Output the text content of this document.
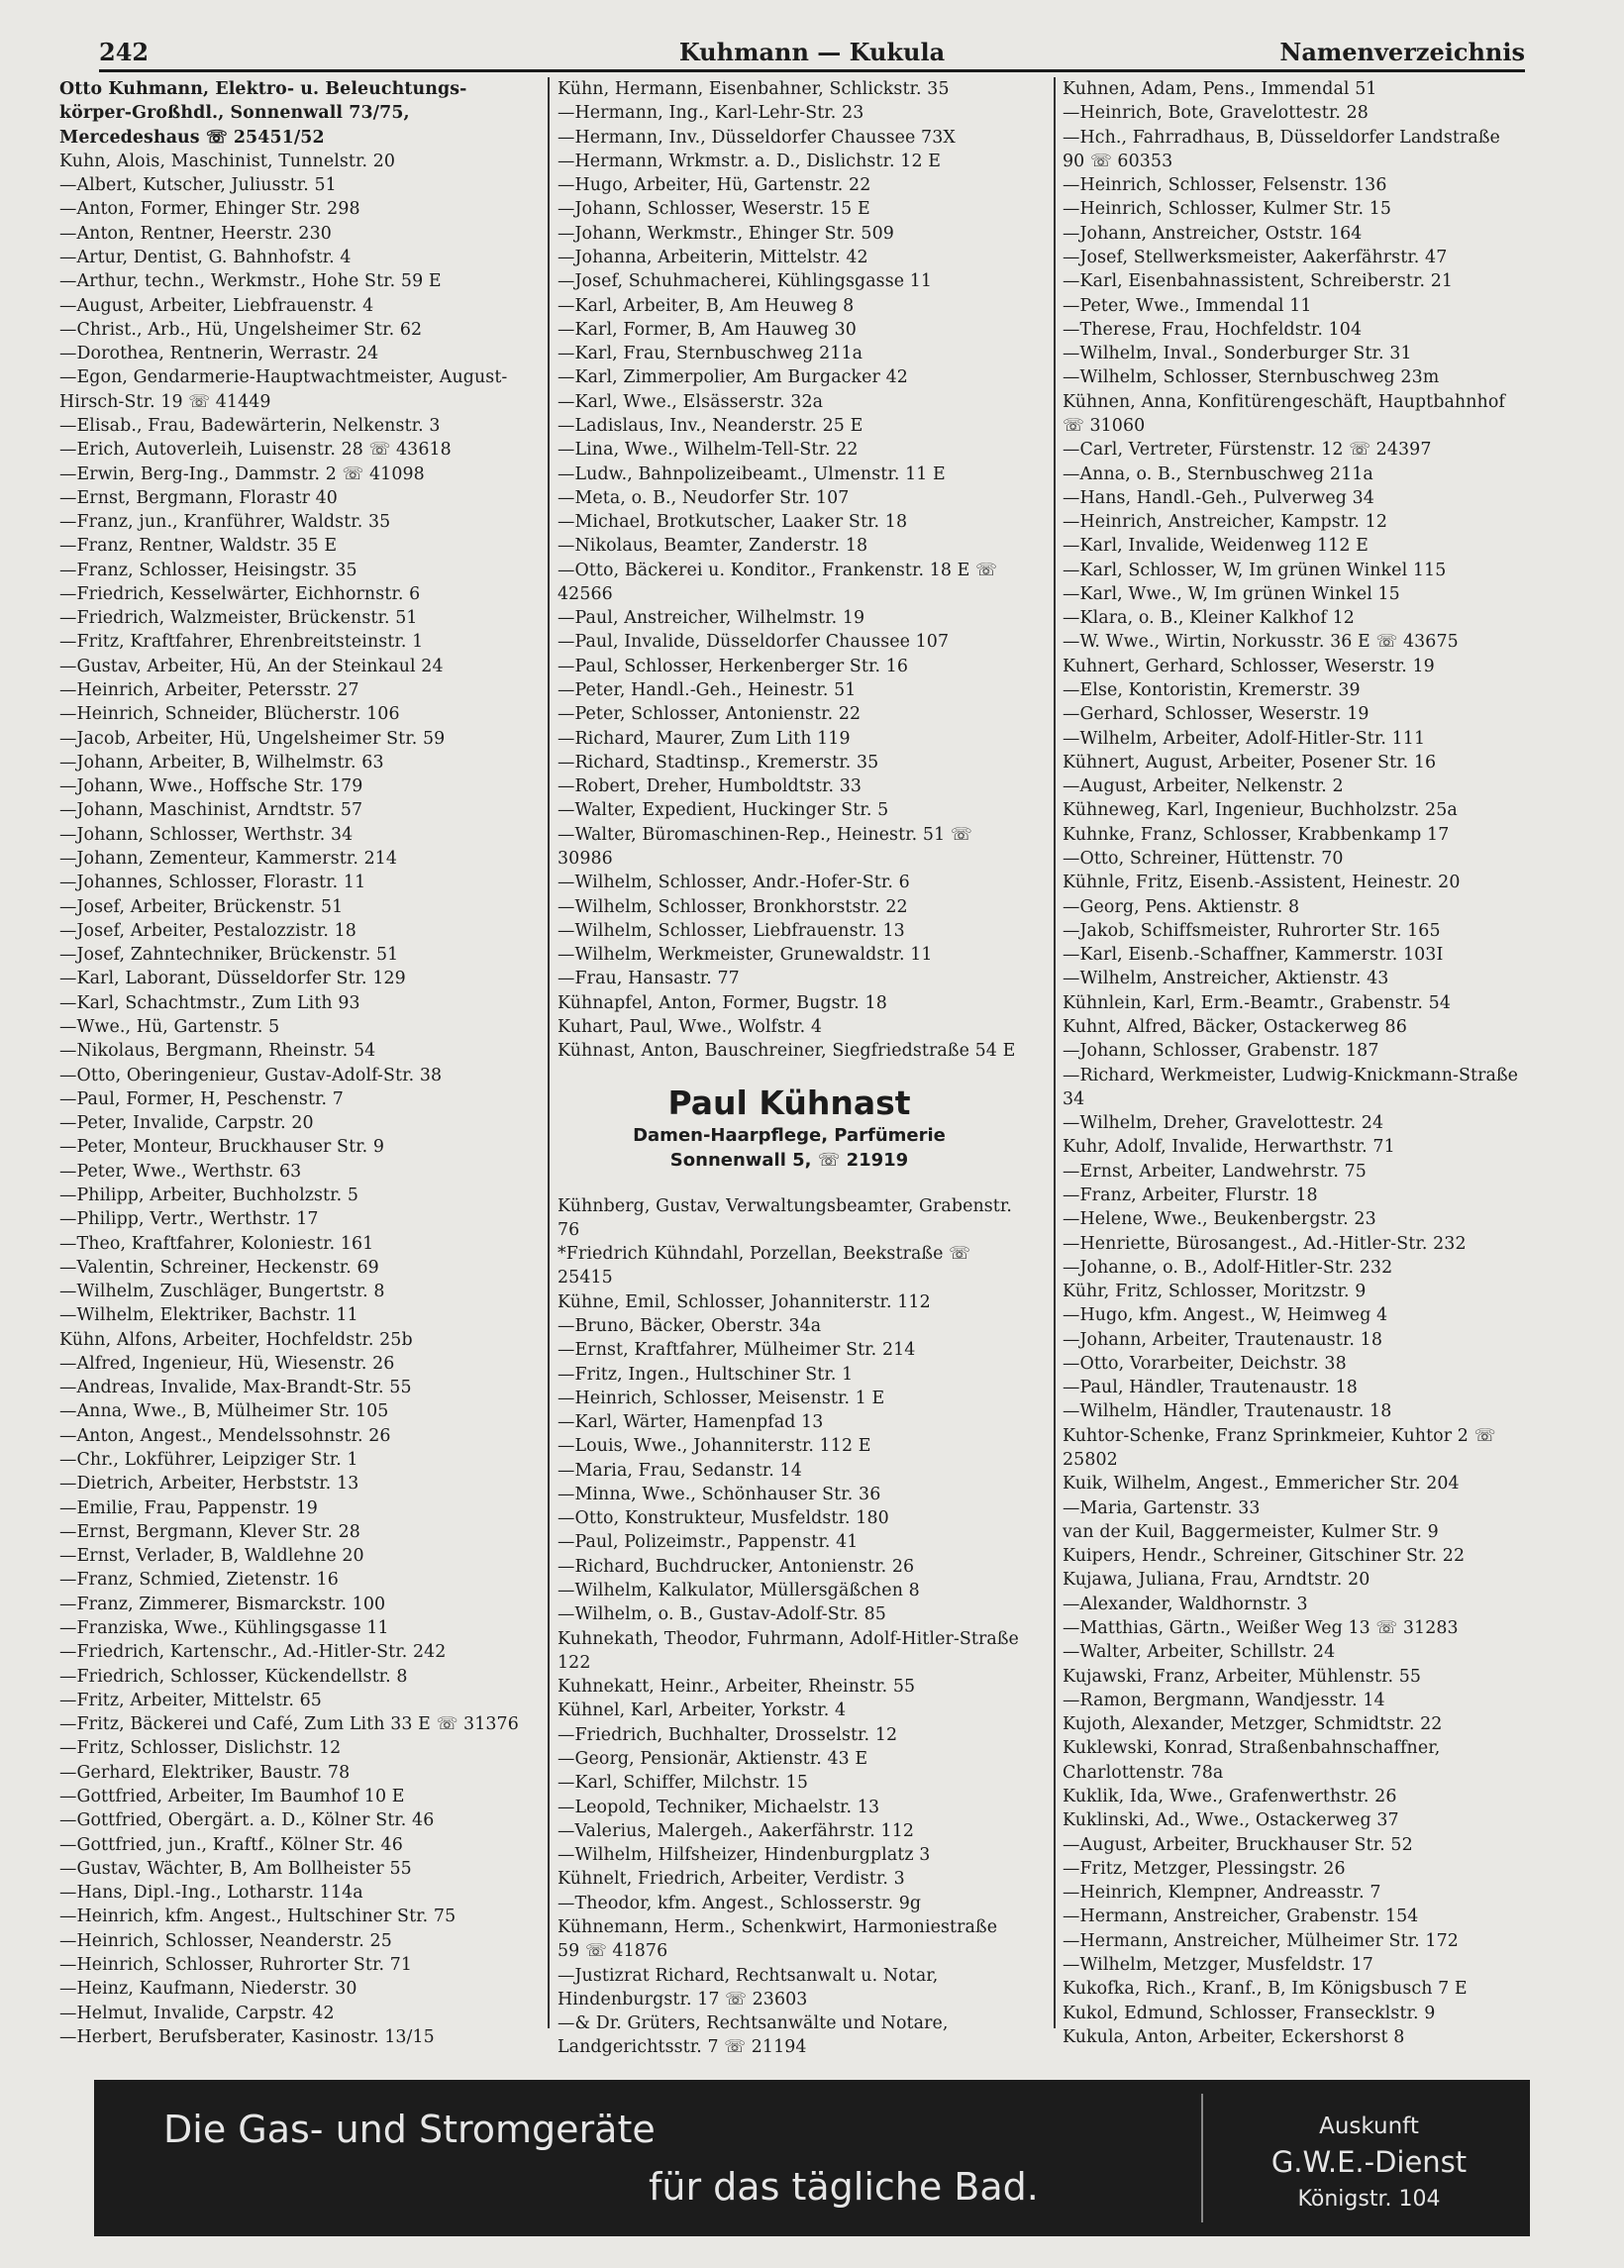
242	Kuhmann — Kukula	Namenverzeichnis
Otto Kuhmann, Elektro- u. Beleuchtungs-körper-Großhdl., Sonnenwall 73/75, Mercedeshaus ☏ 25451/52
Kuhn, Alois, Maschinist, Tunnelstr. 20
—Albert, Kutscher, Juliusstr. 51
—Anton, Former, Ehinger Str. 298
—Anton, Rentner, Heerstr. 230
—Artur, Dentist, G. Bahnhofstr. 4
—Arthur, techn., Werkmstr., Hohe Str. 59 E
—August, Arbeiter, Liebfrauenstr. 4
—Christ., Arb., Hü, Ungelsheimer Str. 62
—Dorothea, Rentnerin, Werrastr. 24
—Egon, Gendarmerie-Hauptwachtmeister, August-Hirsch-Str. 19 ☏ 41449
—Elisab., Frau, Badewärterin, Nelkenstr. 3
—Erich, Autoverleih, Luisenstr. 28 ☏ 43618
—Erwin, Berg-Ing., Dammstr. 2 ☏ 41098
—Ernst, Bergmann, Florastr 40
—Franz, jun., Kranführer, Waldstr. 35
—Franz, Rentner, Waldstr. 35 E
—Franz, Schlosser, Heisingstr. 35
—Friedrich, Kesselwärter, Eichhornstr. 6
—Friedrich, Walzmeister, Brückenstr. 51
—Fritz, Kraftfahrer, Ehrenbreitsteinstr. 1
—Gustav, Arbeiter, Hü, An der Steinkaul 24
—Heinrich, Arbeiter, Petersstr. 27
—Heinrich, Schneider, Blücherstr. 106
—Jacob, Arbeiter, Hü, Ungelsheimer Str. 59
—Johann, Arbeiter, B, Wilhelmstr. 63
—Johann, Wwe., Hoffsche Str. 179
—Johann, Maschinist, Arndtstr. 57
—Johann, Schlosser, Werthstr. 34
—Johann, Zementeur, Kammerstr. 214
—Johannes, Schlosser, Florastr. 11
—Josef, Arbeiter, Brückenstr. 51
—Josef, Arbeiter, Pestalozzistr. 18
—Josef, Zahntechniker, Brückenstr. 51
—Karl, Laborant, Düsseldorfer Str. 129
—Karl, Schachtmstr., Zum Lith 93
—Wwe., Hü, Gartenstr. 5
—Nikolaus, Bergmann, Rheinstr. 54
—Otto, Oberingenieur, Gustav-Adolf-Str. 38
—Paul, Former, H, Peschenstr. 7
—Peter, Invalide, Carpstr. 20
—Peter, Monteur, Bruckhauser Str. 9
—Peter, Wwe., Werthstr. 63
—Philipp, Arbeiter, Buchholzstr. 5
—Philipp, Vertr., Werthstr. 17
—Theo, Kraftfahrer, Koloniestr. 161
—Valentin, Schreiner, Heckenstr. 69
—Wilhelm, Zuschläger, Bungertstr. 8
—Wilhelm, Elektriker, Bachstr. 11
Kühn, Alfons, Arbeiter, Hochfeldstr. 25b
—Alfred, Ingenieur, Hü, Wiesenstr. 26
—Andreas, Invalide, Max-Brandt-Str. 55
—Anna, Wwe., B, Mülheimer Str. 105
—Anton, Angest., Mendelssohnstr. 26
—Chr., Lokführer, Leipziger Str. 1
—Dietrich, Arbeiter, Herbststr. 13
—Emilie, Frau, Pappenstr. 19
—Ernst, Bergmann, Klever Str. 28
—Ernst, Verlader, B, Waldlehne 20
—Franz, Schmied, Zietenstr. 16
—Franz, Zimmerer, Bismarckstr. 100
—Franziska, Wwe., Kühlingsgasse 11
—Friedrich, Kartenschr., Ad.-Hitler-Str. 242
—Friedrich, Schlosser, Kückendellstr. 8
—Fritz, Arbeiter, Mittelstr. 65
—Fritz, Bäckerei und Café, Zum Lith 33 E ☏ 31376
—Fritz, Schlosser, Dislichstr. 12
—Gerhard, Elektriker, Baustr. 78
—Gottfried, Arbeiter, Im Baumhof 10 E
—Gottfried, Obergärt. a. D., Kölner Str. 46
—Gottfried, jun., Kraftf., Kölner Str. 46
—Gustav, Wächter, B, Am Bollheister 55
—Hans, Dipl.-Ing., Lotharstr. 114a
—Heinrich, kfm. Angest., Hultschiner Str. 75
—Heinrich, Schlosser, Neanderstr. 25
—Heinrich, Schlosser, Ruhrorter Str. 71
—Heinz, Kaufmann, Niederstr. 30
—Helmut, Invalide, Carpstr. 42
—Herbert, Berufsberater, Kasinostr. 13/15
Kühn, Hermann, Eisenbahner, Schlickstr. 35
—Hermann, Ing., Karl-Lehr-Str. 23
—Hermann, Inv., Düsseldorfer Chaussee 73X
—Hermann, Wrkmstr. a. D., Dislichstr. 12 E
—Hugo, Arbeiter, Hü, Gartenstr. 22
—Johann, Schlosser, Weserstr. 15 E
—Johann, Werkmstr., Ehinger Str. 509
—Johanna, Arbeiterin, Mittelstr. 42
—Josef, Schuhmacherei, Kühlingsgasse 11
—Karl, Arbeiter, B, Am Heuweg 8
—Karl, Former, B, Am Hauweg 30
—Karl, Frau, Sternbuschweg 211a
—Karl, Zimmerpolier, Am Burgacker 42
—Karl, Wwe., Elsässerstr. 32a
—Ladislaus, Inv., Neanderstr. 25 E
—Lina, Wwe., Wilhelm-Tell-Str. 22
—Ludw., Bahnpolizeibeamt., Ulmenstr. 11 E
—Meta, o. B., Neudorfer Str. 107
—Michael, Brotkutscher, Laaker Str. 18
—Nikolaus, Beamter, Zanderstr. 18
—Otto, Bäckerei u. Konditor., Frankenstr. 18 E ☏ 42566
—Paul, Anstreicher, Wilhelmstr. 19
—Paul, Invalide, Düsseldorfer Chaussee 107
—Paul, Schlosser, Herkenberger Str. 16
—Peter, Handl.-Geh., Heinestr. 51
—Peter, Schlosser, Antonienstr. 22
—Richard, Maurer, Zum Lith 119
—Richard, Stadtinsp., Kremerstr. 35
—Robert, Dreher, Humboldtstr. 33
—Walter, Expedient, Huckinger Str. 5
—Walter, Büromaschinen-Rep., Heinestr. 51 ☏ 30986
—Wilhelm, Schlosser, Andr.-Hofer-Str. 6
—Wilhelm, Schlosser, Bronkhorststr. 22
—Wilhelm, Schlosser, Liebfrauenstr. 13
—Wilhelm, Werkmeister, Grunewaldstr. 11
—Frau, Hansastr. 77
Kühnapfel, Anton, Former, Bugstr. 18
Kuhart, Paul, Wwe., Wolfstr. 4
Kühnast, Anton, Bauschreiner, Siegfriedstraße 54 E
Paul Kühnast
Damen-Haarpflege, Parfümerie
Sonnenwall 5, ☏ 21919
Kühnberg, Gustav, Verwaltungsbeamter, Grabenstr. 76
*Friedrich Kühndahl, Porzellan, Beekstraße ☏ 25415
Kühne, Emil, Schlosser, Johanniterstr. 112
—Bruno, Bäcker, Oberstr. 34a
—Ernst, Kraftfahrer, Mülheimer Str. 214
—Fritz, Ingen., Hultschiner Str. 1
—Heinrich, Schlosser, Meisenstr. 1 E
—Karl, Wärter, Hamenpfad 13
—Louis, Wwe., Johanniterstr. 112 E
—Maria, Frau, Sedanstr. 14
—Minna, Wwe., Schönhauser Str. 36
—Otto, Konstrukteur, Musfeldstr. 180
—Paul, Polizeimstr., Pappenstr. 41
—Richard, Buchdrucker, Antonienstr. 26
—Wilhelm, Kalkulator, Müllersgäßchen 8
—Wilhelm, o. B., Gustav-Adolf-Str. 85
Kuhnekath, Theodor, Fuhrmann, Adolf-Hitler-Straße 122
Kuhnekatt, Heinr., Arbeiter, Rheinstr. 55
Kühnel, Karl, Arbeiter, Yorkstr. 4
—Friedrich, Buchhalter, Drosselstr. 12
—Georg, Pensionär, Aktienstr. 43 E
—Karl, Schiffer, Milchstr. 15
—Leopold, Techniker, Michaelstr. 13
—Valerius, Malergeh., Aakerfährstr. 112
—Wilhelm, Hilfsheizer, Hindenburgplatz 3
Kühnelt, Friedrich, Arbeiter, Verdistr. 3
—Theodor, kfm. Angest., Schlosserstr. 9g
Kühnemann, Herm., Schenkwirt, Harmoniestraße 59 ☏ 41876
—Justizrat Richard, Rechtsanwalt u. Notar, Hindenburgstr. 17 ☏ 23603
—& Dr. Grüters, Rechtsanwälte und Notare, Landgerichtsstr. 7 ☏ 21194
Kuhnen, Adam, Pens., Immendal 51
—Heinrich, Bote, Gravelottestr. 28
—Hch., Fahrradhaus, B, Düsseldorfer Landstraße 90 ☏ 60353
—Heinrich, Schlosser, Felsenstr. 136
—Heinrich, Schlosser, Kulmer Str. 15
—Johann, Anstreicher, Oststr. 164
—Josef, Stellwerksmeister, Aakerfährstr. 47
—Karl, Eisenbahnassistent, Schreiberstr. 21
—Peter, Wwe., Immendal 11
—Therese, Frau, Hochfeldstr. 104
—Wilhelm, Inval., Sonderburger Str. 31
—Wilhelm, Schlosser, Sternbuschweg 23m
Kühnen, Anna, Konfitürengeschäft, Hauptbahnhof ☏ 31060
—Carl, Vertreter, Fürstenstr. 12 ☏ 24397
—Anna, o. B., Sternbuschweg 211a
—Hans, Handl.-Geh., Pulverweg 34
—Heinrich, Anstreicher, Kampstr. 12
—Karl, Invalide, Weidenweg 112 E
—Karl, Schlosser, W, Im grünen Winkel 115
—Karl, Wwe., W, Im grünen Winkel 15
—Klara, o. B., Kleiner Kalkhof 12
—W. Wwe., Wirtin, Norkusstr. 36 E ☏ 43675
Kuhnert, Gerhard, Schlosser, Weserstr. 19
—Else, Kontoristin, Kremerstr. 39
—Gerhard, Schlosser, Weserstr. 19
—Wilhelm, Arbeiter, Adolf-Hitler-Str. 111
Kühnert, August, Arbeiter, Posener Str. 16
—August, Arbeiter, Nelkenstr. 2
Kühneweg, Karl, Ingenieur, Buchholzstr. 25a
Kuhnke, Franz, Schlosser, Krabbenkamp 17
—Otto, Schreiner, Hüttenstr. 70
Kühnle, Fritz, Eisenb.-Assistent, Heinestr. 20
—Georg, Pens. Aktienstr. 8
—Jakob, Schiffsmeister, Ruhrorter Str. 165
—Karl, Eisenb.-Schaffner, Kammerstr. 103I
—Wilhelm, Anstreicher, Aktienstr. 43
Kühnlein, Karl, Erm.-Beamtr., Grabenstr. 54
Kuhnt, Alfred, Bäcker, Ostackerweg 86
—Johann, Schlosser, Grabenstr. 187
—Richard, Werkmeister, Ludwig-Knickmann-Straße 34
—Wilhelm, Dreher, Gravelottestr. 24
Kuhr, Adolf, Invalide, Herwarthstr. 71
—Ernst, Arbeiter, Landwehrstr. 75
—Franz, Arbeiter, Flurstr. 18
—Helene, Wwe., Beukenbergstr. 23
—Henriette, Bürosangest., Ad.-Hitler-Str. 232
—Johanne, o. B., Adolf-Hitler-Str. 232
Kühr, Fritz, Schlosser, Moritzstr. 9
—Hugo, kfm. Angest., W, Heimweg 4
—Johann, Arbeiter, Trautenaustr. 18
—Otto, Vorarbeiter, Deichstr. 38
—Paul, Händler, Trautenaustr. 18
—Wilhelm, Händler, Trautenaustr. 18
Kuhtor-Schenke, Franz Sprinkmeier, Kuhtor 2 ☏ 25802
Kuik, Wilhelm, Angest., Emmericher Str. 204
—Maria, Gartenstr. 33
van der Kuil, Baggermeister, Kulmer Str. 9
Kuipers, Hendr., Schreiner, Gitschiner Str. 22
Kujawa, Juliana, Frau, Arndtstr. 20
—Alexander, Waldhornstr. 3
—Matthias, Gärtn., Weißer Weg 13 ☏ 31283
—Walter, Arbeiter, Schillstr. 24
Kujawski, Franz, Arbeiter, Mühlenstr. 55
—Ramon, Bergmann, Wandjesstr. 14
Kujoth, Alexander, Metzger, Schmidtstr. 22
Kuklewski, Konrad, Straßenbahnschaffner, Charlottenstr. 78a
Kuklik, Ida, Wwe., Grafenwerthstr. 26
Kuklinski, Ad., Wwe., Ostackerweg 37
—August, Arbeiter, Bruckhauser Str. 52
—Fritz, Metzger, Plessingstr. 26
—Heinrich, Klempner, Andreasstr. 7
—Hermann, Anstreicher, Grabenstr. 154
—Hermann, Anstreicher, Mülheimer Str. 172
—Wilhelm, Metzger, Musfeldstr. 17
Kukofka, Rich., Kranf., B, Im Königsbusch 7 E
Kukol, Edmund, Schlosser, Fransecklstr. 9
Kukula, Anton, Arbeiter, Eckershorst 8
Die Gas- und Stromgeräte
für das tägliche Bad.
Auskunft
G.W.E.-Dienst
Königstr. 104
